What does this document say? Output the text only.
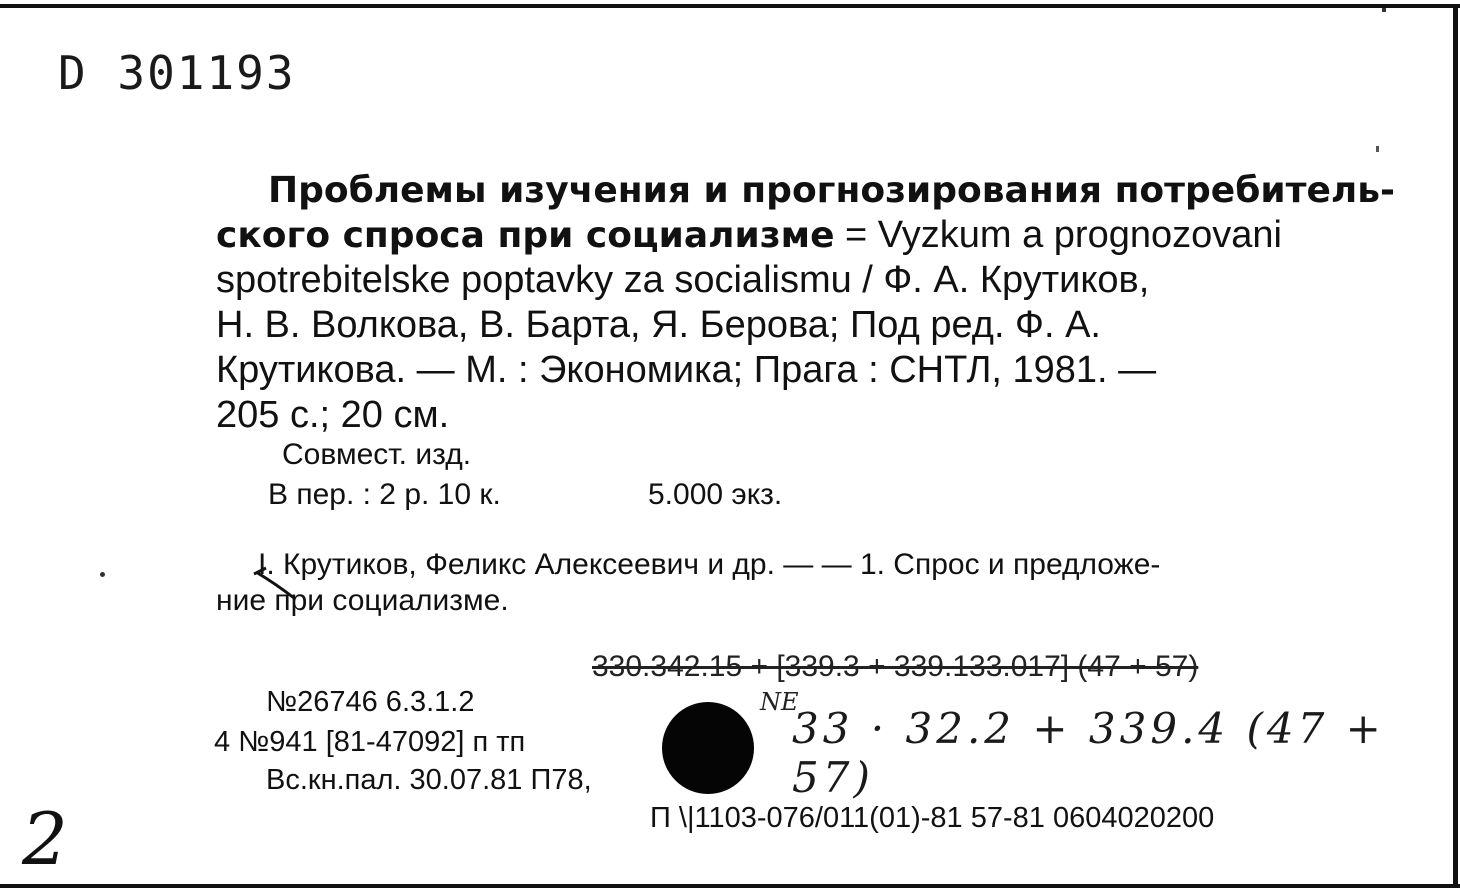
D 301193
Проблемы изучения и прогнозирования потребитель-
ского спроса при социализме = Vyzkum a prognozovani
spotrebitelske poptavky za socialismu / Ф. А. Крутиков,
Н. В. Волкова, В. Барта, Я. Берова; Под ред. Ф. А.
Крутикова. — М. : Экономика; Прага : СНТЛ, 1981. —
205 с.; 20 см.
Совмест. изд.
В пер. : 2 р. 10 к.	5.000 экз.
I. Крутиков, Феликс Алексеевич и др. — — 1. Спрос и предложе-
ние при социализме.
330.342.15 + [339.3 + 339.133.017] (47 + 57)
№26746 6.3.1.2
4 №941 [81-47092] п тп
Вс.кн.пал. 30.07.81 П78,
NE
33 · 32.2 + 339.4 (47 + 57)
П \|1103-076/011(01)-81 57-81 0604020200
2
